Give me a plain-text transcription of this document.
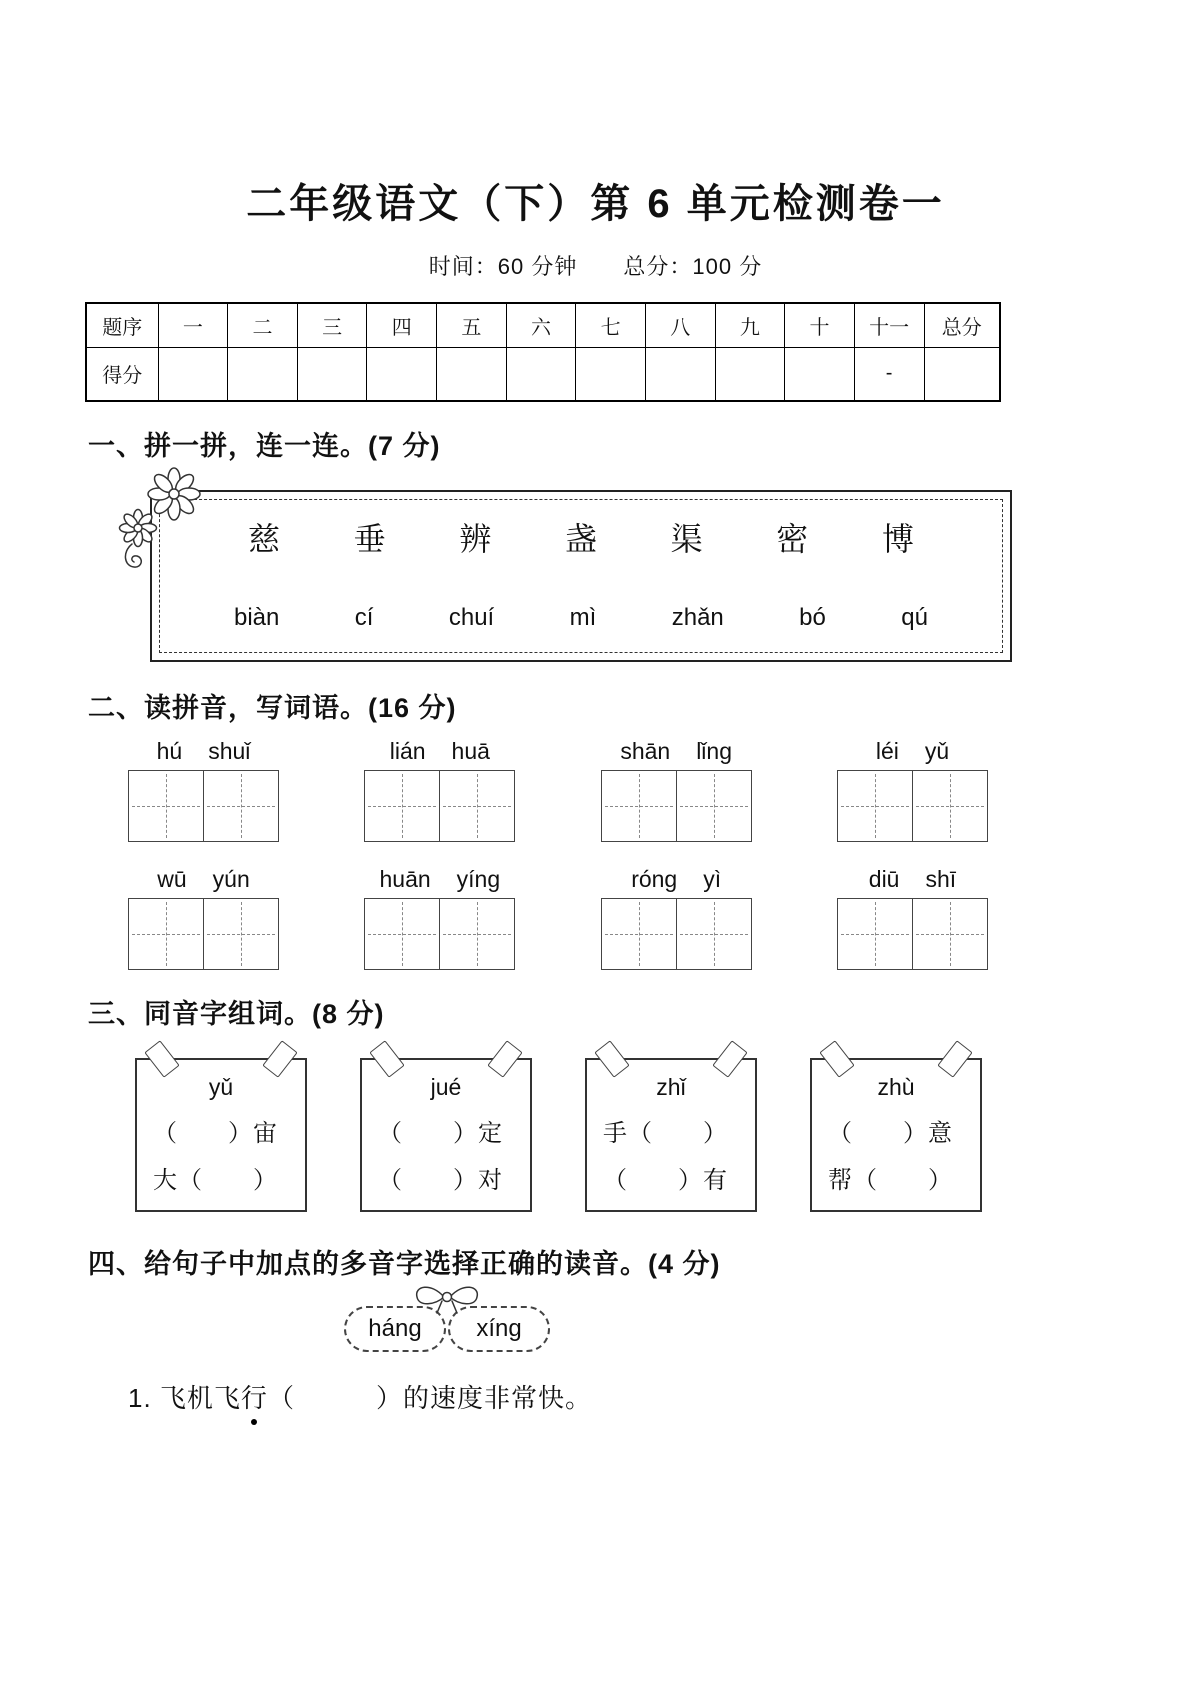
二年级语文（下）第 6 单元检测卷一
时间：60 分钟　　总分：100 分
题序	一	二	三	四	五	六	七	八	九	十	十一	总分
得分											-	
一、拼一拼，连一连。(7 分)
慈 垂 辨 盏 渠 密 博
biàn	cí	chuí	mì	zhǎn	bó	qú
二、读拼音，写词语。(16 分)
hú shuǐ	lián huā	shān lǐng	léi yǔ
wū yún	huān yíng	róng yì	diū shī
三、同音字组词。(8 分)
yǔ
（　　）宙
大（　　）
jué
（　　）定
（　　）对
zhǐ
手（　　）
（　　）有
zhù
（　　）意
帮（　　）
四、给句子中加点的多音字选择正确的读音。(4 分)
háng	xíng
1. 飞机飞行（　　　）的速度非常快。
